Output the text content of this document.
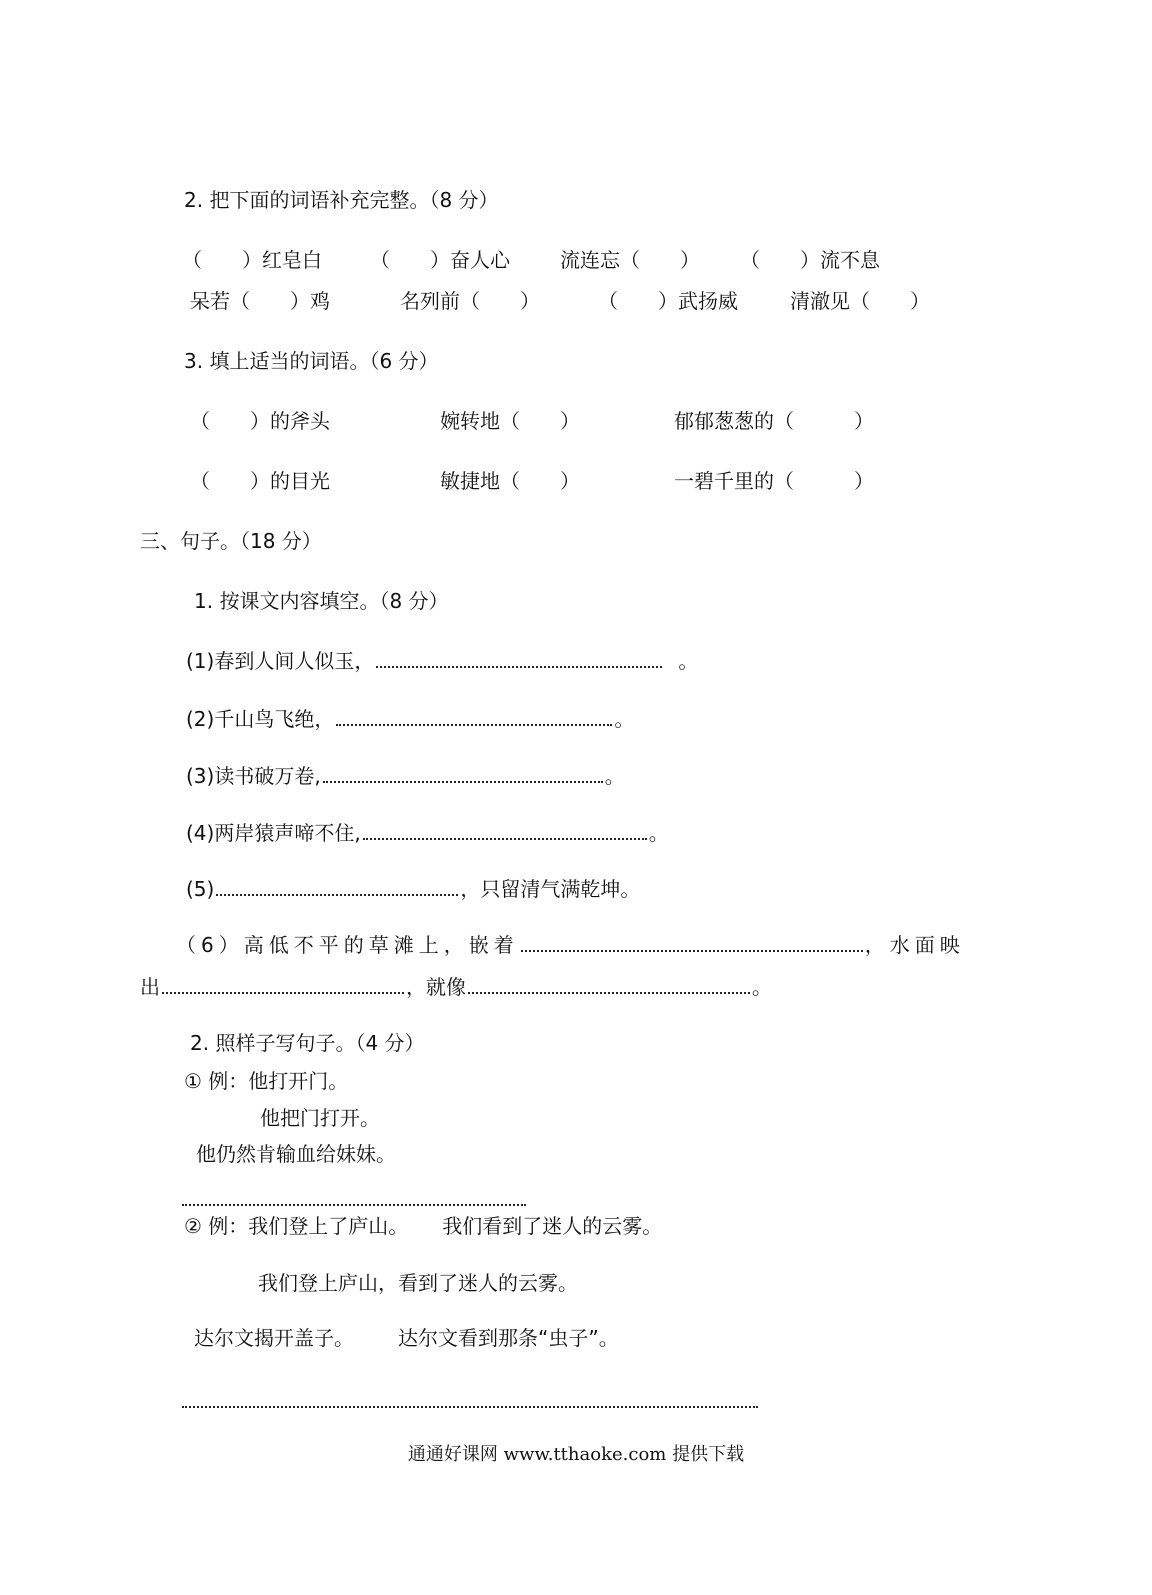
2. 把下面的词语补充完整。（8 分）
（　　）红皂白 （　　）奋人心	流连忘（　　） （　　）流不息
呆若（　　）鸡	名列前（　　）	（　　）武扬威	清澈见（　　）
3. 填上适当的词语。（6 分）
（　　）的斧头	婉转地（　　）	郁郁葱葱的（　　　）
（　　）的目光	敏捷地（　　）	一碧千里的（　　　）
三、句子。（18 分）
1. 按课文内容填空。（8 分）
(1)春到人间人似玉，	。
(2)千山鸟飞绝，	。
(3)读书破万卷,	。
(4)两岸猿声啼不住,	。
(5)	，只留清气满乾坤。
（6）高低不平的草滩上，嵌着	，水面映
出	，就像	。
2. 照样子写句子。（4 分）
① 例：他打开门。
他把门打开。
他仍然肯输血给妹妹。
② 例：我们登上了庐山。 我们看到了迷人的云雾。
我们登上庐山，看到了迷人的云雾。
达尔文揭开盖子。 达尔文看到那条“虫子”。
通通好课网 www.tthaoke.com 提供下载
